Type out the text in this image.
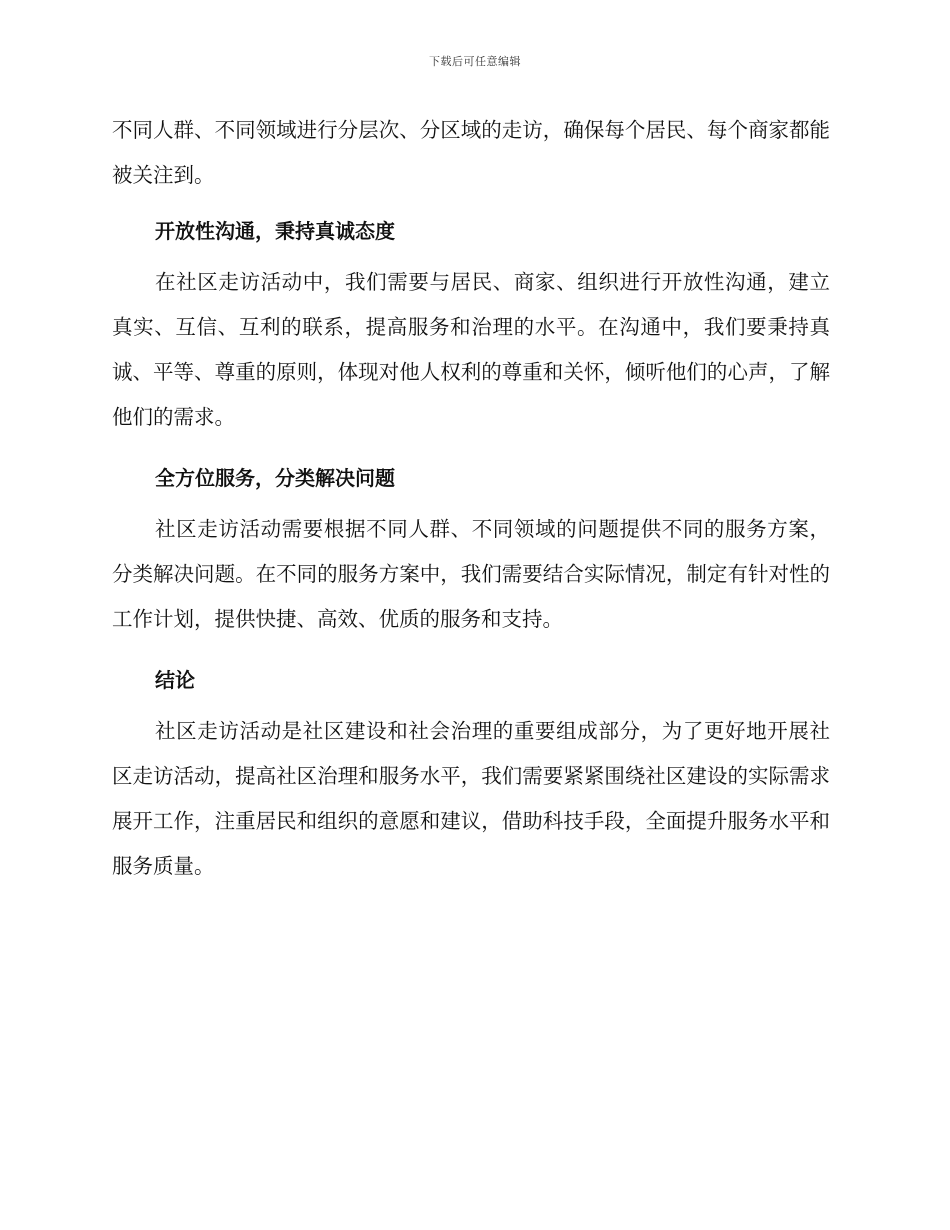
下载后可任意编辑

不同人群、不同领域进行分层次、分区域的走访，确保每个居民、每个商家都能被关注到。

开放性沟通，秉持真诚态度

在社区走访活动中，我们需要与居民、商家、组织进行开放性沟通，建立真实、互信、互利的联系，提高服务和治理的水平。在沟通中，我们要秉持真诚、平等、尊重的原则，体现对他人权利的尊重和关怀，倾听他们的心声，了解他们的需求。

全方位服务，分类解决问题

社区走访活动需要根据不同人群、不同领域的问题提供不同的服务方案，分类解决问题。在不同的服务方案中，我们需要结合实际情况，制定有针对性的工作计划，提供快捷、高效、优质的服务和支持。

结论

社区走访活动是社区建设和社会治理的重要组成部分，为了更好地开展社区走访活动，提高社区治理和服务水平，我们需要紧紧围绕社区建设的实际需求展开工作，注重居民和组织的意愿和建议，借助科技手段，全面提升服务水平和服务质量。
